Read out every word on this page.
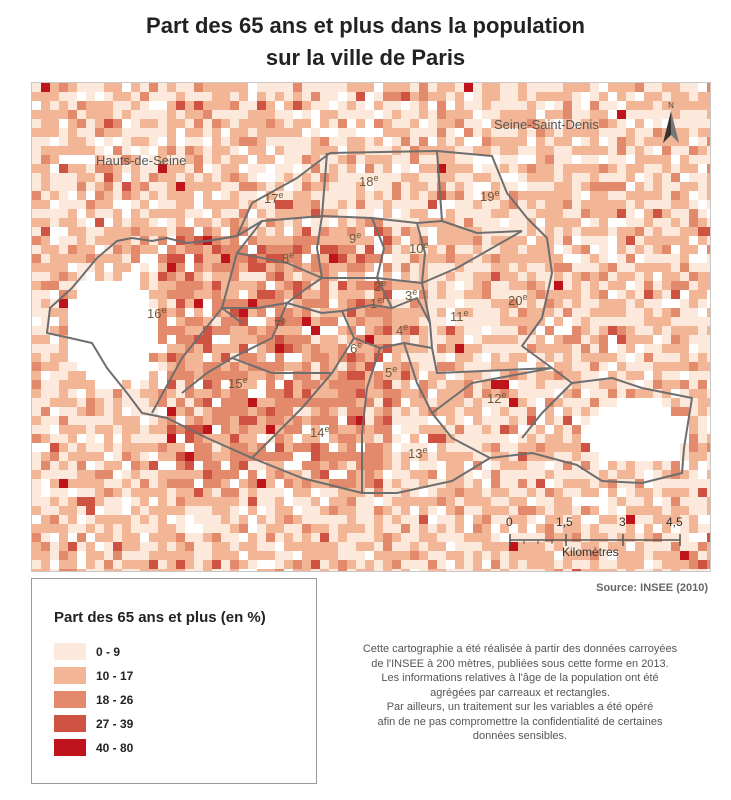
Part des 65 ans et plus dans la population
sur la ville de Paris
1er
2e
3e
4e
5e
6e
7e
8e
9e
10e
11e
12e
13e
14e
15e
16e
17e
18e
19e
20e
Hauts-de-Seine
Seine-Saint-Denis
N
0	1,5	3	4,5
Kilomètres
Source: INSEE (2010)
Part des 65 ans et plus (en %)
0 - 9
10 - 17
18 - 26
27 - 39
40 - 80
Cette cartographie a été réalisée à partir des données carroyées
de l'INSEE à 200 mètres, publiées sous cette forme en 2013.
Les informations relatives à l'âge de la population ont été
agrégées par carreaux et rectangles.
Par ailleurs, un traitement sur les variables a été opéré
afin de ne pas compromettre la confidentialité de certaines
données sensibles.
